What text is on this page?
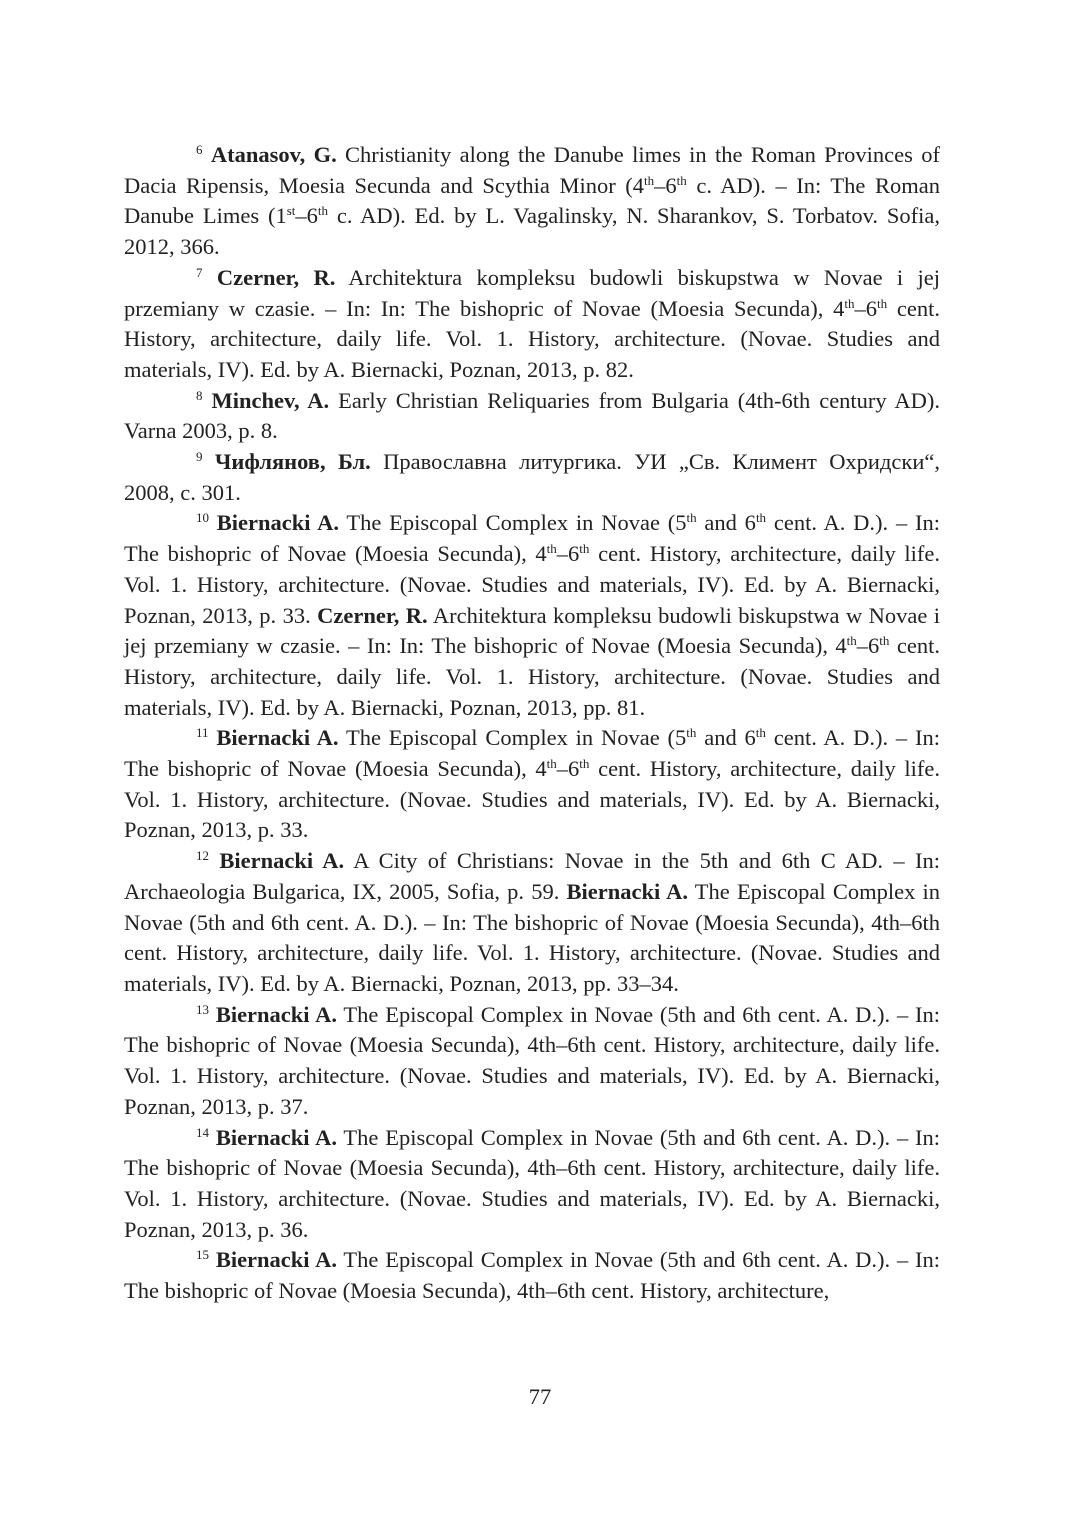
$^6$ Atanasov, G. Christianity along the Danube limes in the Roman Provinces of Dacia Ripensis, Moesia Secunda and Scythia Minor (4th–6th c. AD). – In: The Roman Danube Limes (1st–6th c. AD). Ed. by L. Vagalinsky, N. Sharankov, S. Torbatov. Sofia, 2012, 366.

$^7$ Czerner, R. Architektura kompleksu budowli biskupstwa w Novae i jej przemiany w czasie. – In: In: The bishopric of Novae (Moesia Secunda), 4th–6th cent. History, architecture, daily life. Vol. 1. History, architecture. (Novae. Studies and materials, IV). Ed. by A. Biernacki, Poznan, 2013, p. 82.

$^8$ Minchev, A. Early Christian Reliquaries from Bulgaria (4th-6th century AD). Varna 2003, p. 8.

$^9$ Чифлянов, Бл. Православна литургика. УИ „Св. Климент Охридски“, 2008, с. 301.

$^{10}$ Biernacki A. The Episcopal Complex in Novae (5th and 6th cent. A. D.). – In: The bishopric of Novae (Moesia Secunda), 4th–6th cent. History, architecture, daily life. Vol. 1. History, architecture. (Novae. Studies and materials, IV). Ed. by A. Biernacki, Poznan, 2013, p. 33. Czerner, R. Architektura kompleksu budowli biskupstwa w Novae i jej przemiany w czasie. – In: In: The bishopric of Novae (Moesia Secunda), 4th–6th cent. History, architecture, daily life. Vol. 1. History, architecture. (Novae. Studies and materials, IV). Ed. by A. Biernacki, Poznan, 2013, pp. 81.

$^{11}$ Biernacki A. The Episcopal Complex in Novae (5th and 6th cent. A. D.). – In: The bishopric of Novae (Moesia Secunda), 4th–6th cent. History, architecture, daily life. Vol. 1. History, architecture. (Novae. Studies and materials, IV). Ed. by A. Biernacki, Poznan, 2013, p. 33.

$^{12}$ Biernacki A. A City of Christians: Novae in the 5th and 6th C AD. – In: Archaeologia Bulgarica, IX, 2005, Sofia, p. 59. Biernacki A. The Episcopal Complex in Novae (5th and 6th cent. A. D.). – In: The bishopric of Novae (Moesia Secunda), 4th–6th cent. History, architecture, daily life. Vol. 1. History, architecture. (Novae. Studies and materials, IV). Ed. by A. Biernacki, Poznan, 2013, pp. 33–34.

$^{13}$ Biernacki A. The Episcopal Complex in Novae (5th and 6th cent. A. D.). – In: The bishopric of Novae (Moesia Secunda), 4th–6th cent. History, architecture, daily life. Vol. 1. History, architecture. (Novae. Studies and materials, IV). Ed. by A. Biernacki, Poznan, 2013, p. 37.

$^{14}$ Biernacki A. The Episcopal Complex in Novae (5th and 6th cent. A. D.). – In: The bishopric of Novae (Moesia Secunda), 4th–6th cent. History, architecture, daily life. Vol. 1. History, architecture. (Novae. Studies and materials, IV). Ed. by A. Biernacki, Poznan, 2013, p. 36.

$^{15}$ Biernacki A. The Episcopal Complex in Novae (5th and 6th cent. A. D.). – In: The bishopric of Novae (Moesia Secunda), 4th–6th cent. History, architecture,

77
